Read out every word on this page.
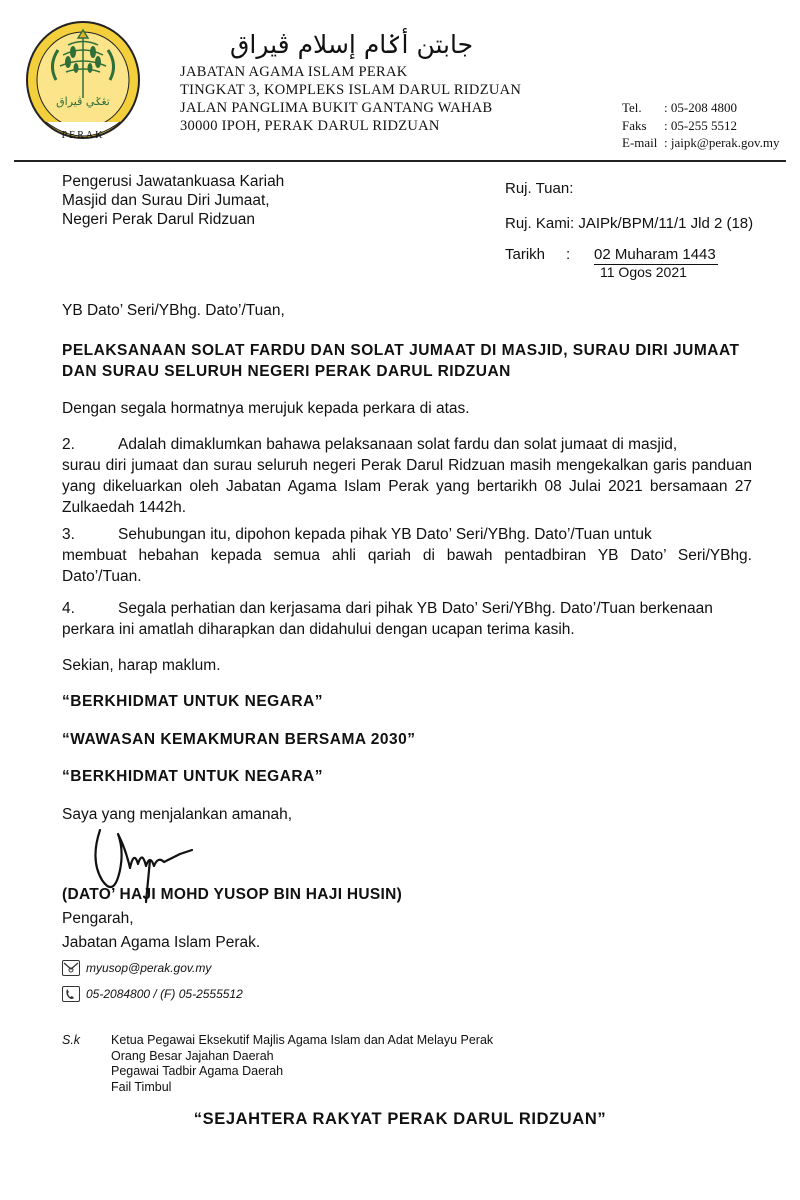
تڠݢي ڤيراق
PERAK
جابتن أݢام إسلام ڤيراق
JABATAN AGAMA ISLAM PERAK
TINGKAT 3, KOMPLEKS ISLAM DARUL RIDZUAN
JALAN PANGLIMA BUKIT GANTANG WAHAB
30000 IPOH, PERAK DARUL RIDZUAN
Tel.	: 05-208 4800
Faks	: 05-255 5512
E-mail	: jaipk@perak.gov.my
Pengerusi Jawatankuasa Kariah
Masjid dan Surau Diri Jumaat,
Negeri Perak Darul Ridzuan
Ruj. Tuan:
Ruj. Kami: JAIPk/BPM/11/1 Jld 2 (18)
Tarikh : 02 Muharam 1443
11 Ogos 2021
YB Dato’ Seri/YBhg. Dato’/Tuan,
PELAKSANAAN SOLAT FARDU DAN SOLAT JUMAAT DI MASJID, SURAU DIRI JUMAAT DAN SURAU SELURUH NEGERI PERAK DARUL RIDZUAN
Dengan segala hormatnya merujuk kepada perkara di atas.
2.	Adalah dimaklumkan bahawa pelaksanaan solat fardu dan solat jumaat di masjid,
surau diri jumaat dan surau seluruh negeri Perak Darul Ridzuan masih mengekalkan garis panduan yang dikeluarkan oleh Jabatan Agama Islam Perak yang bertarikh 08 Julai 2021 bersamaan 27 Zulkaedah 1442h.
3.	Sehubungan itu, dipohon kepada pihak YB Dato’ Seri/YBhg. Dato’/Tuan untuk
membuat hebahan kepada semua ahli qariah di bawah pentadbiran YB Dato’ Seri/YBhg. Dato’/Tuan.
4.	Segala perhatian dan kerjasama dari pihak YB Dato’ Seri/YBhg. Dato’/Tuan berkenaan
perkara ini amatlah diharapkan dan didahului dengan ucapan terima kasih.
Sekian, harap maklum.
“BERKHIDMAT UNTUK NEGARA”
“WAWASAN KEMAKMURAN BERSAMA 2030”
“BERKHIDMAT UNTUK NEGARA”
Saya yang menjalankan amanah,
(DATO’ HAJI MOHD YUSOP BIN HAJI HUSIN)
Pengarah,
Jabatan Agama Islam Perak.
myusop@perak.gov.my
05-2084800 / (F) 05-2555512
S.k Ketua Pegawai Eksekutif Majlis Agama Islam dan Adat Melayu Perak
Orang Besar Jajahan Daerah
Pegawai Tadbir Agama Daerah
Fail Timbul
“SEJAHTERA RAKYAT PERAK DARUL RIDZUAN”
